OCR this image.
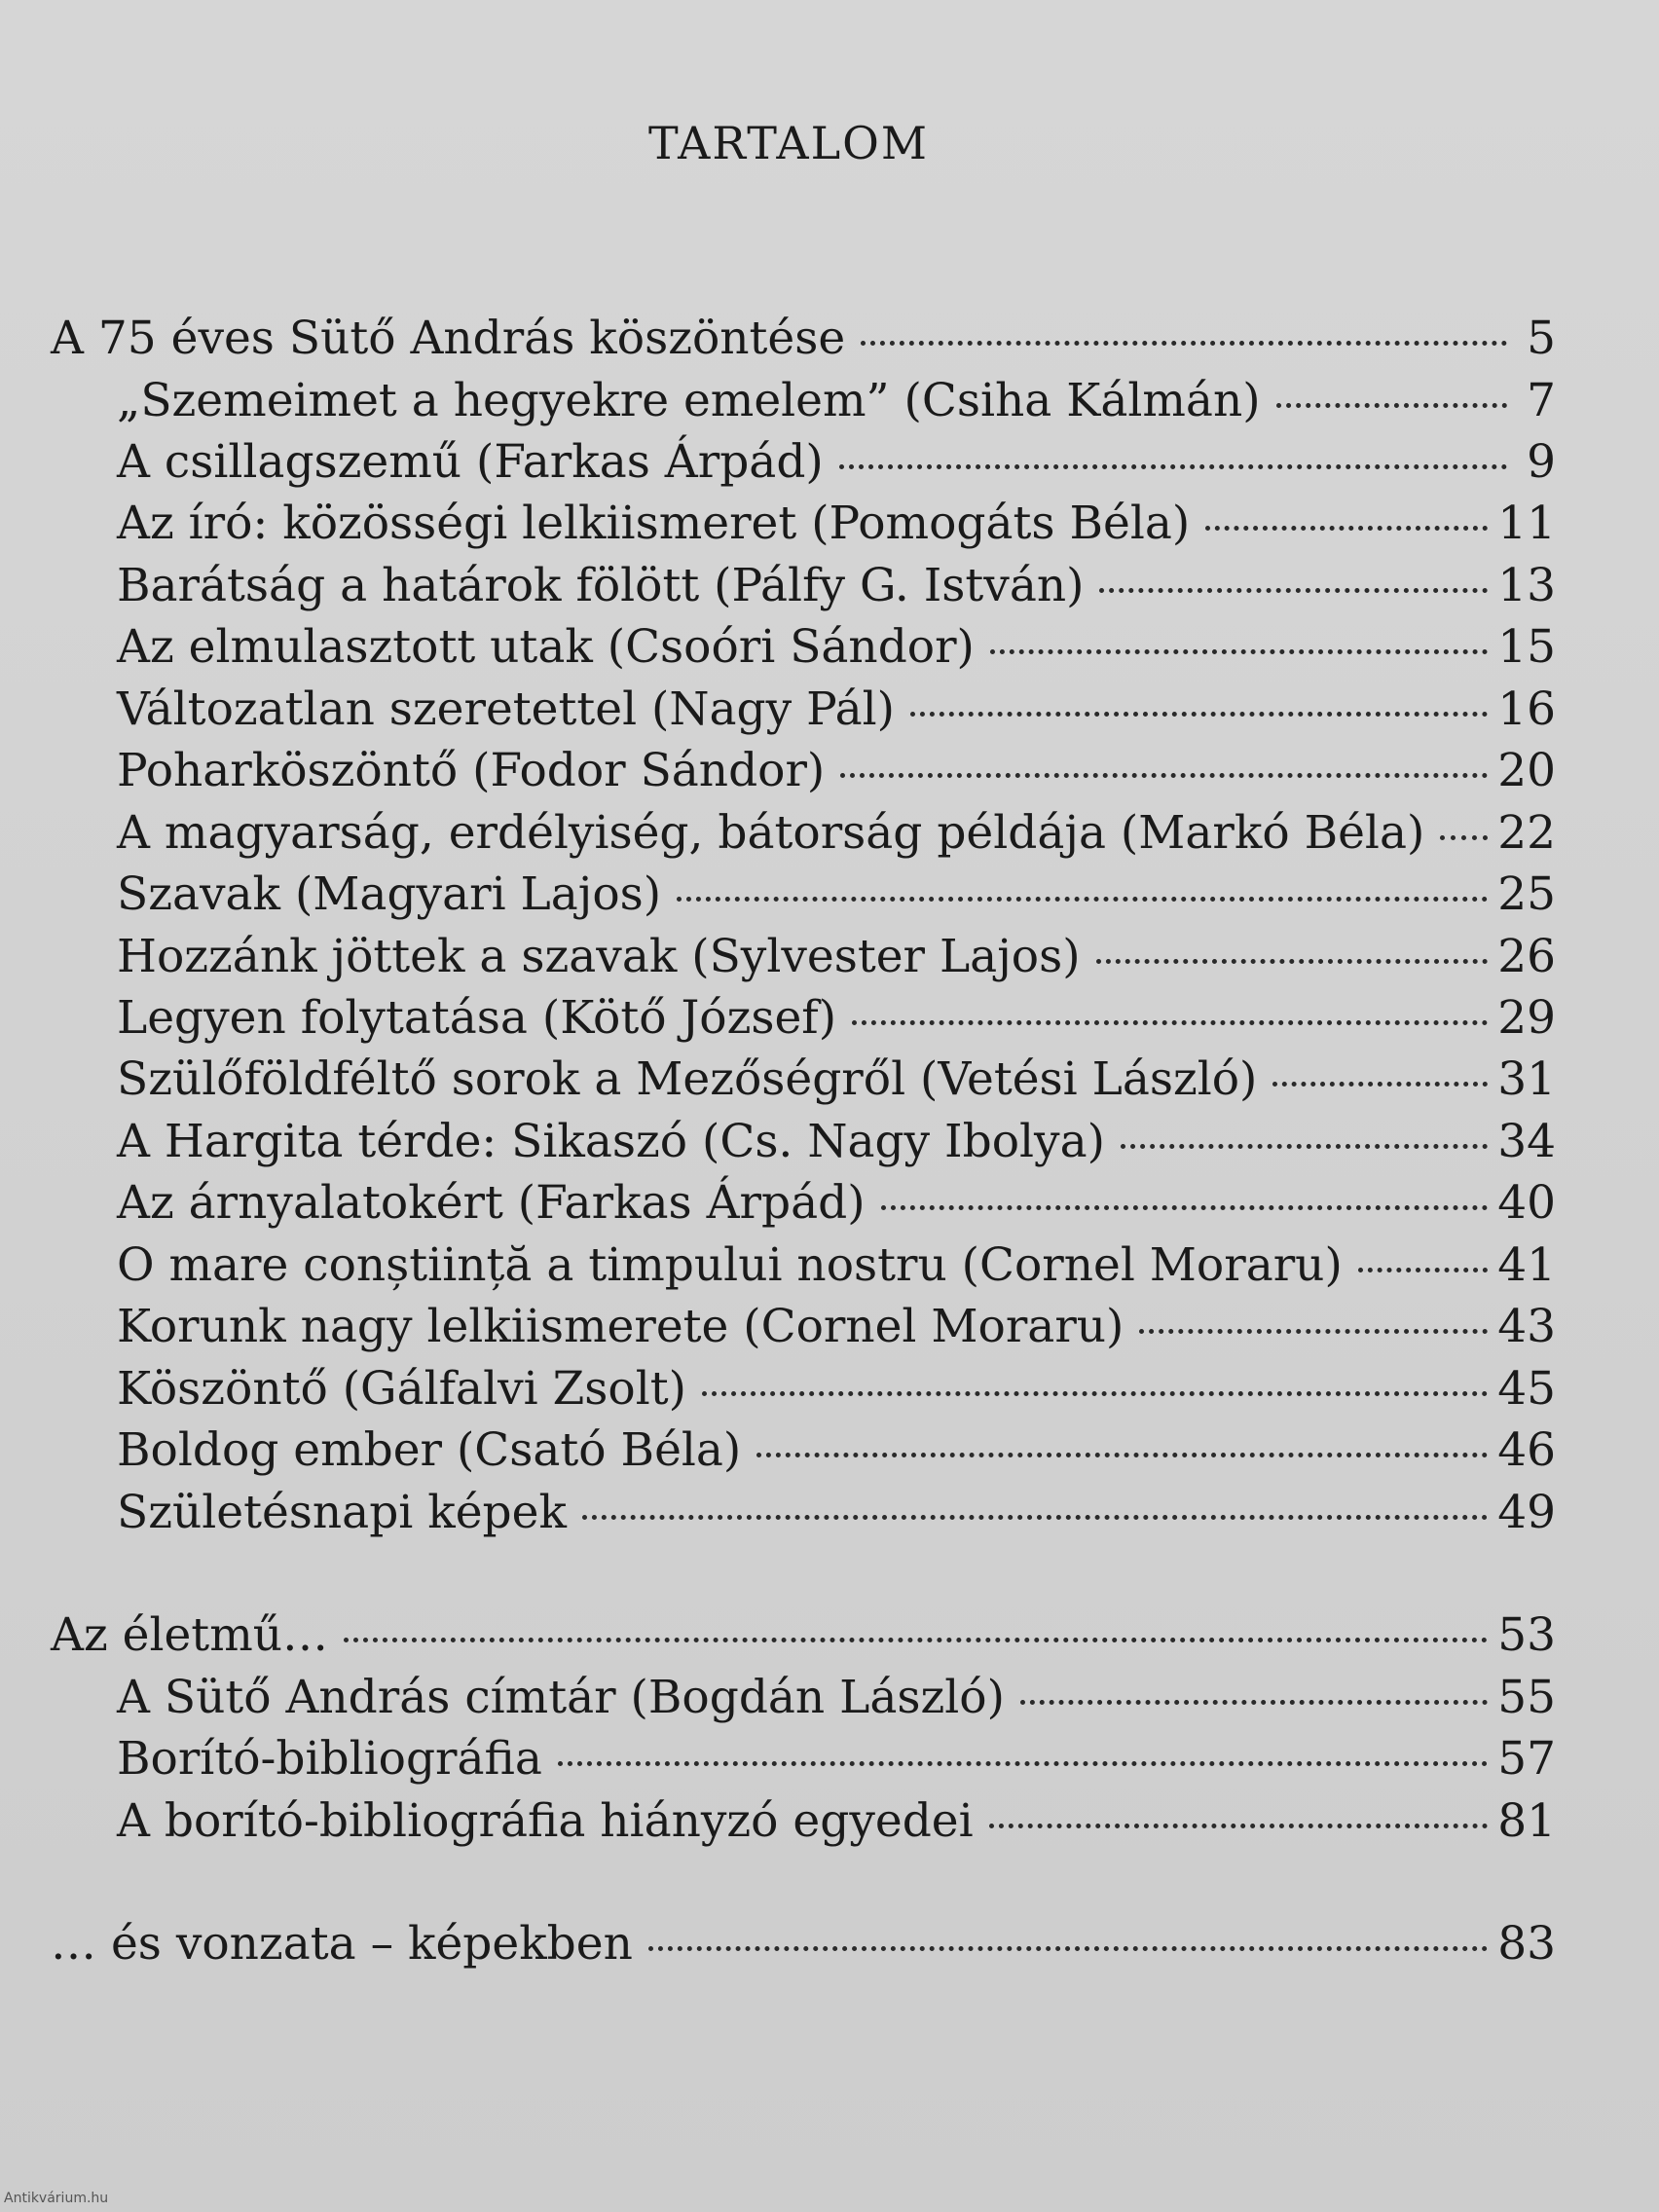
TARTALOM
A 75 éves Sütő András köszöntése	5
„Szemeimet a hegyekre emelem” (Csiha Kálmán)	7
A csillagszemű (Farkas Árpád)	9
Az író: közösségi lelkiismeret (Pomogáts Béla)	11
Barátság a határok fölött (Pálfy G. István)	13
Az elmulasztott utak (Csoóri Sándor)	15
Változatlan szeretettel (Nagy Pál)	16
Poharköszöntő (Fodor Sándor)	20
A magyarság, erdélyiség, bátorság példája (Markó Béla) 22
Szavak (Magyari Lajos)	25
Hozzánk jöttek a szavak (Sylvester Lajos)	26
Legyen folytatása (Kötő József)	29
Szülőföldféltő sorok a Mezőségről (Vetési László)	31
A Hargita térde: Sikaszó (Cs. Nagy Ibolya)	34
Az árnyalatokért (Farkas Árpád)	40
O mare conștiință a timpului nostru (Cornel Moraru)	41
Korunk nagy lelkiismerete (Cornel Moraru)	43
Köszöntő (Gálfalvi Zsolt)	45
Boldog ember (Csató Béla)	46
Születésnapi képek	49
Az életmű…	53
A Sütő András címtár (Bogdán László)	55
Borító-bibliográfia	57
A borító-bibliográfia hiányzó egyedei	81
… és vonzata – képekben	83
Antikvárium.hu
